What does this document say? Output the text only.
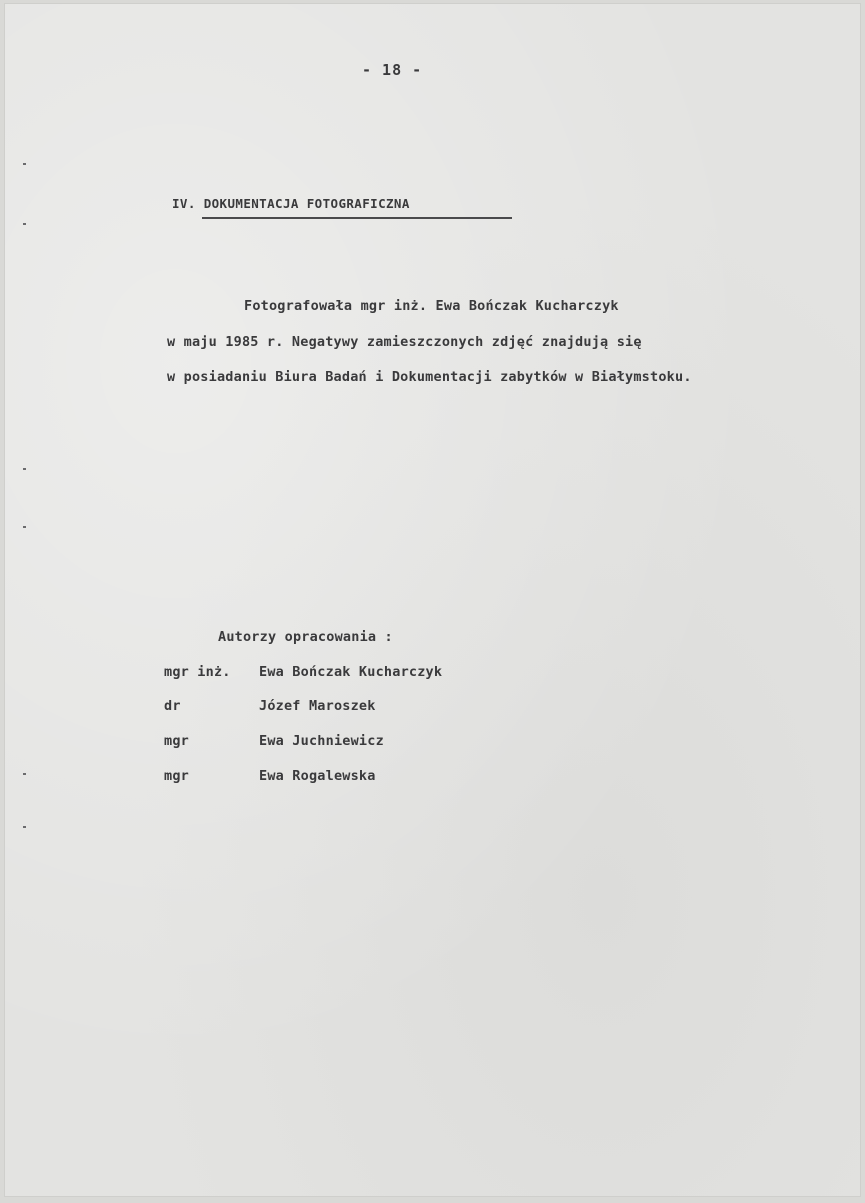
- 18 -

IV. DOKUMENTACJA FOTOGRAFICZNA

Fotografowała mgr inż. Ewa Bończak Kucharczyk

w maju 1985 r. Negatywy zamieszczonych zdjęć znajdują się

w posiadaniu Biura Badań i Dokumentacji zabytków w Białymstoku.

Autorzy opracowania :

mgr inż.	Ewa Bończak Kucharczyk
dr	Józef Maroszek
mgr	Ewa Juchniewicz
mgr	Ewa Rogalewska
